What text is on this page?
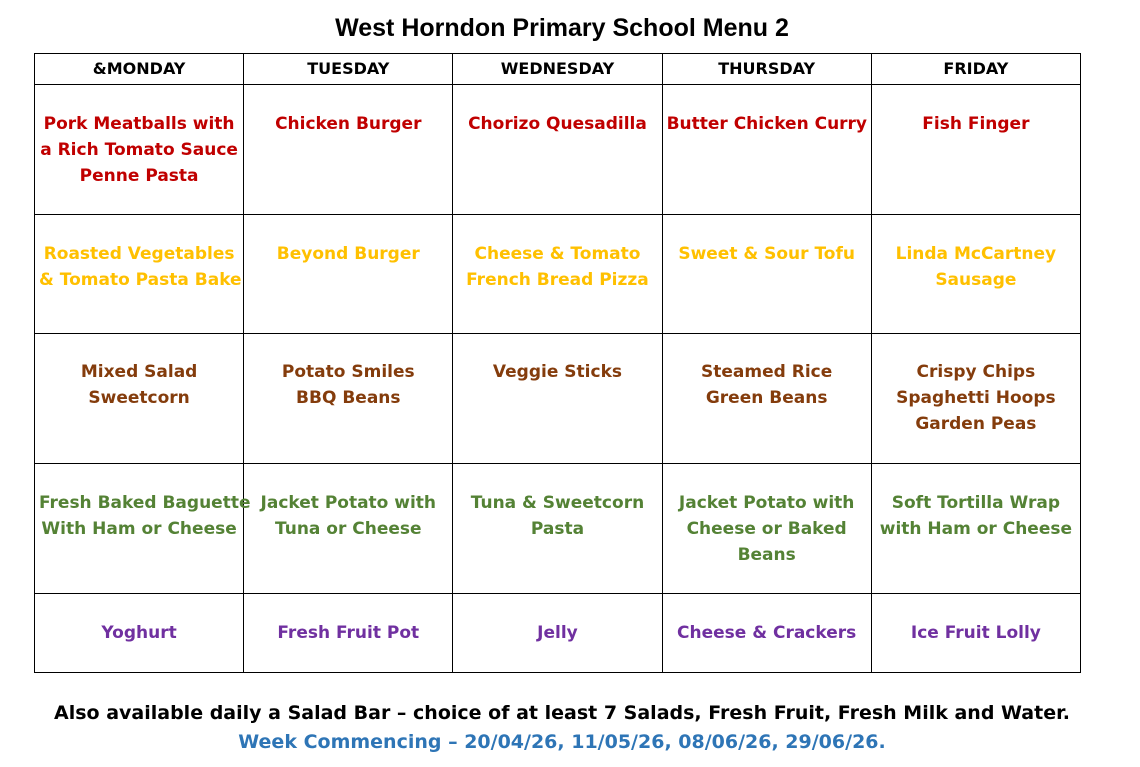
West Horndon Primary School Menu 2
&MONDAY	TUESDAY	WEDNESDAY	THURSDAY	FRIDAY

Pork Meatballs with
a Rich Tomato Sauce
Penne Pasta	Chicken Burger	Chorizo Quesadilla	Butter Chicken Curry	Fish Finger

Roasted Vegetables
& Tomato Pasta Bake	Beyond Burger	Cheese & Tomato
French Bread Pizza	Sweet & Sour Tofu	Linda McCartney
Sausage

Mixed Salad
Sweetcorn	Potato Smiles
BBQ Beans	Veggie Sticks	Steamed Rice
Green Beans	Crispy Chips
Spaghetti Hoops
Garden Peas

Fresh Baked Baguette
With Ham or Cheese	Jacket Potato with
Tuna or Cheese	Tuna & Sweetcorn
Pasta	Jacket Potato with
Cheese or Baked
Beans	Soft Tortilla Wrap
with Ham or Cheese

Yoghurt	Fresh Fruit Pot	Jelly	Cheese & Crackers	Ice Fruit Lolly
Also available daily a Salad Bar – choice of at least 7 Salads, Fresh Fruit, Fresh Milk and Water.
Week Commencing – 20/04/26, 11/05/26, 08/06/26, 29/06/26.
